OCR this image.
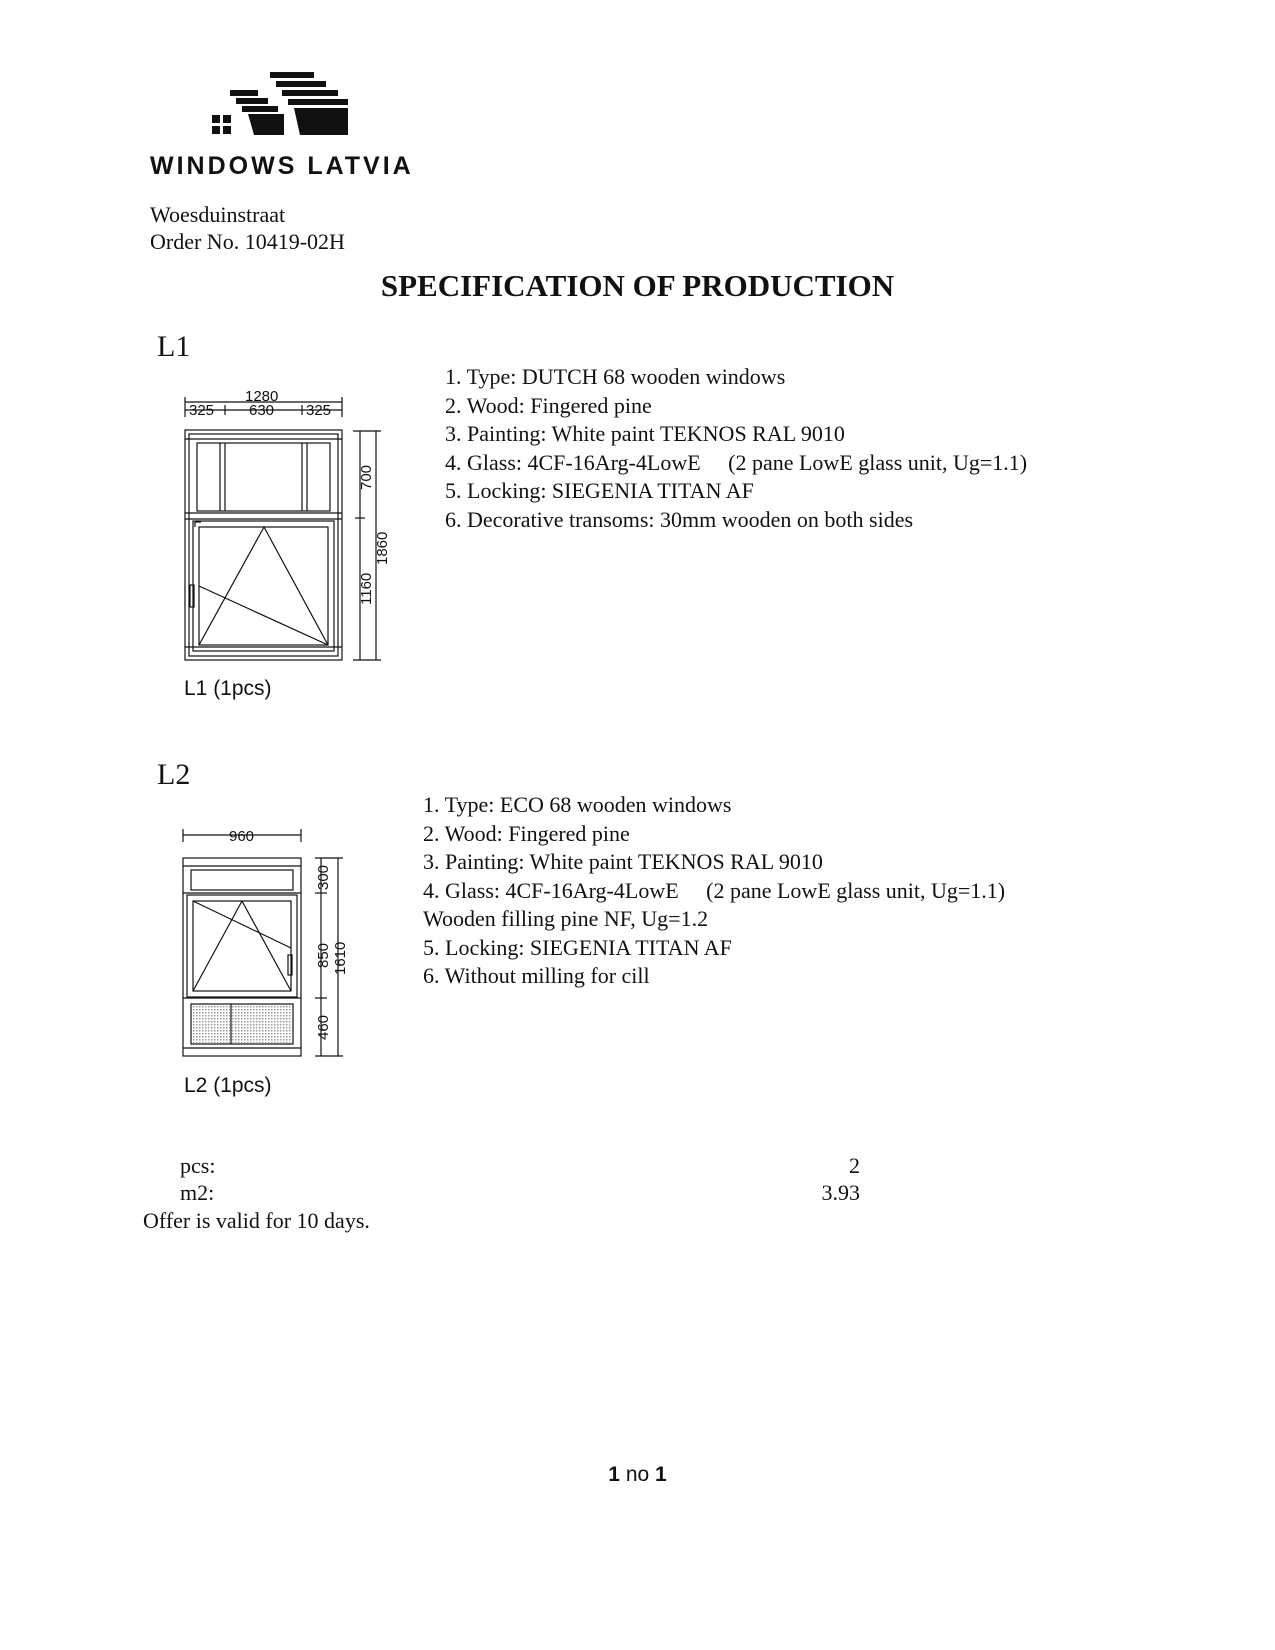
WINDOWS LATVIA
Woesduinstraat
Order No. 10419-02H
SPECIFICATION OF PRODUCTION
L1
1280
325 630 325
700
1860
1160
L1 (1pcs)
1. Type: DUTCH 68 wooden windows
2. Wood: Fingered pine
3. Painting: White paint TEKNOS RAL 9010
4. Glass: 4CF-16Arg-4LowE     (2 pane LowE glass unit, Ug=1.1)
5. Locking: SIEGENIA TITAN AF
6. Decorative transoms: 30mm wooden on both sides
L2
960
300
850 1610
460
L2 (1pcs)
1. Type: ECO 68 wooden windows
2. Wood: Fingered pine
3. Painting: White paint TEKNOS RAL 9010
4. Glass: 4CF-16Arg-4LowE     (2 pane LowE glass unit, Ug=1.1)
Wooden filling pine NF, Ug=1.2
5. Locking: SIEGENIA TITAN AF
6. Without milling for cill
pcs:	2
m2:	3.93
Offer is valid for 10 days.
1 no 1
